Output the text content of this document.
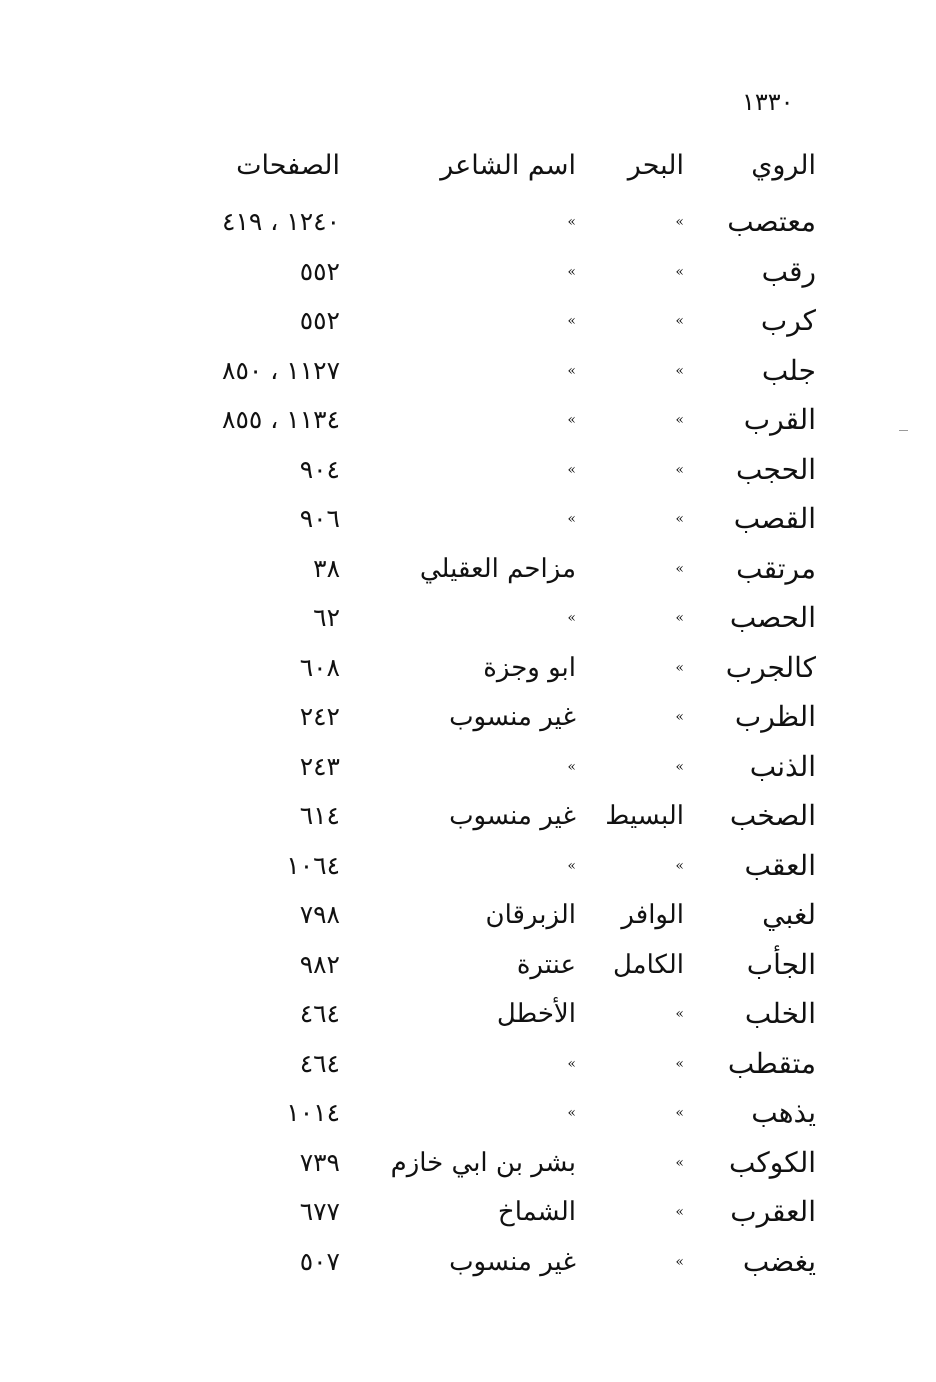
١٣٣٠
الروي
البحر
اسم الشاعر
الصفحات
معتصب
»
»
١٢٤٠ ، ٤١٩
رقب
»
»
٥٥٢
كرب
»
»
٥٥٢
جلب
»
»
١١٢٧ ، ٨٥٠
القرب
»
»
١١٣٤ ، ٨٥٥
الحجب
»
»
٩٠٤
القصب
»
»
٩٠٦
مرتقب
»
مزاحم العقيلي
٣٨
الحصب
»
»
٦٢
كالجرب
»
ابو وجزة
٦٠٨
الظرب
»
غير منسوب
٢٤٢
الذنب
»
»
٢٤٣
الصخب
البسيط
غير منسوب
٦١٤
العقب
»
»
١٠٦٤
لغبي
الوافر
الزبرقان
٧٩٨
الجأب
الكامل
عنترة
٩٨٢
الخلب
»
الأخطل
٤٦٤
متقطب
»
»
٤٦٤
يذهب
»
»
١٠١٤
الكوكب
»
بشر بن ابي خازم
٧٣٩
العقرب
»
الشماخ
٦٧٧
يغضب
»
غير منسوب
٥٠٧
